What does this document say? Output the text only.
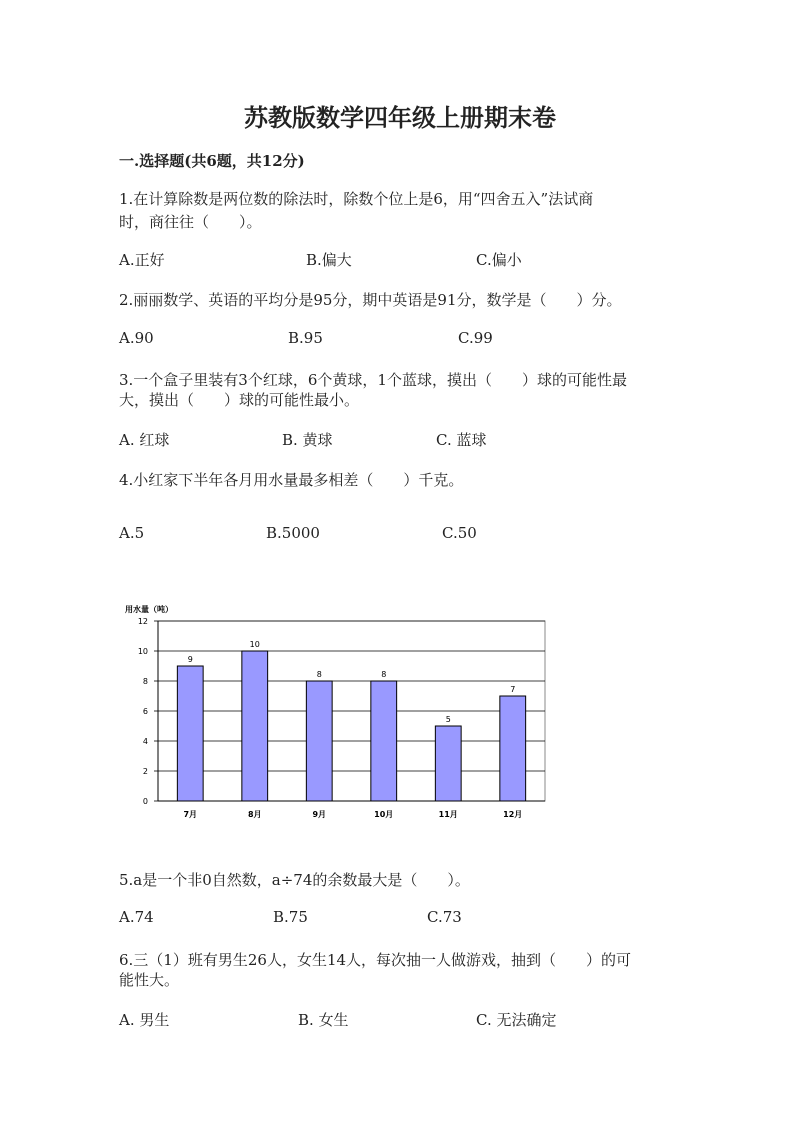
苏教版数学四年级上册期末卷
一.选择题(共6题，共12分)
1.在计算除数是两位数的除法时，除数个位上是6，用“四舍五入”法试商
时，商往往（　　）。
A.正好	B.偏大	C.偏小
2.丽丽数学、英语的平均分是95分，期中英语是91分，数学是（　　）分。
A.90	B.95	C.99
3.一个盒子里装有3个红球，6个黄球，1个蓝球，摸出（　　）球的可能性最
大，摸出（　　）球的可能性最小。
A. 红球	B. 黄球	C. 蓝球
4.小红家下半年各月用水量最多相差（　　）千克。
A.5	B.5000	C.50
用水量（吨）
0
2
4
6
8
10
12
9
10
8	8
5
7
7月	8月	9月	10月	11月	12月
5.a是一个非0自然数，a÷74的余数最大是（　　）。
A.74	B.75	C.73
6.三（1）班有男生26人，女生14人，每次抽一人做游戏，抽到（　　）的可
能性大。
A. 男生	B. 女生	C. 无法确定
